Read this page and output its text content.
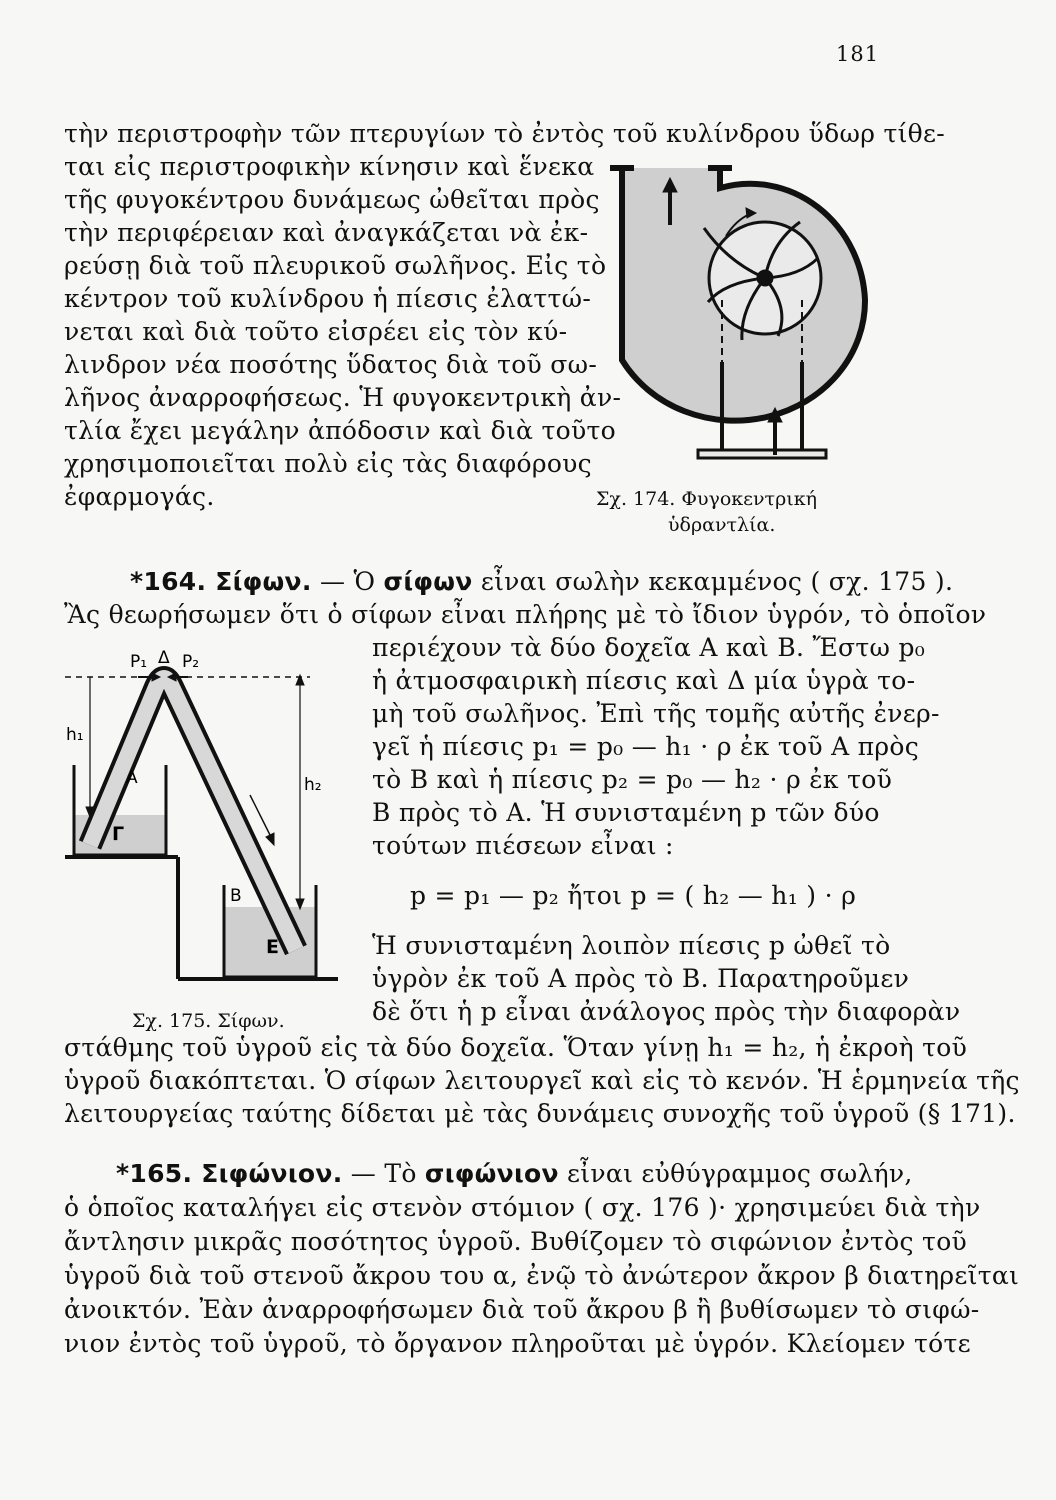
181
τὴν περιστροφὴν τῶν πτερυγίων τὸ ἐντὸς τοῦ κυλίνδρου ὕδωρ τίθε-
ται εἰς περιστροφικὴν κίνησιν καὶ ἕνεκα
τῆς φυγοκέντρου δυνάμεως ὠθεῖται πρὸς
τὴν περιφέρειαν καὶ ἀναγκάζεται νὰ ἐκ-
ρεύσῃ διὰ τοῦ πλευρικοῦ σωλῆνος. Εἰς τὸ
κέντρον τοῦ κυλίνδρου ἡ πίεσις ἐλαττώ-
νεται καὶ διὰ τοῦτο εἰσρέει εἰς τὸν κύ-
λινδρον νέα ποσότης ὕδατος διὰ τοῦ σω-
λῆνος ἀναρροφήσεως. Ἡ φυγοκεντρικὴ ἀν-
τλία ἔχει μεγάλην ἀπόδοσιν καὶ διὰ τοῦτο
χρησιμοποιεῖται πολὺ εἰς τὰς διαφόρους
ἐφαρμογάς.	Σχ. 174. Φυγοκεντρική
ὑδραντλία.
*164. Σίφων. — Ὁ σίφων εἶναι σωλὴν κεκαμμένος ( σχ. 175 ).
Ἂς θεωρήσωμεν ὅτι ὁ σίφων εἶναι πλήρης μὲ τὸ ἴδιον ὑγρόν, τὸ ὁποῖον
P₁ Δ P₂
h₁
h₂
Α
Γ
Β
Ε
περιέχουν τὰ δύο δοχεῖα Α καὶ Β. Ἔστω p₀
ἡ ἀτμοσφαιρικὴ πίεσις καὶ Δ μία ὑγρὰ το-
μὴ τοῦ σωλῆνος. Ἐπὶ τῆς τομῆς αὐτῆς ἐνερ-
γεῖ ἡ πίεσις p₁ = p₀ — h₁ · ρ ἐκ τοῦ Α πρὸς
τὸ Β καὶ ἡ πίεσις p₂ = p₀ — h₂ · ρ ἐκ τοῦ
Β πρὸς τὸ Α. Ἡ συνισταμένη p τῶν δύο
τούτων πιέσεων εἶναι :
p = p₁ — p₂ ἤτοι p = ( h₂ — h₁ ) · ρ
Ἡ συνισταμένη λοιπὸν πίεσις p ὠθεῖ τὸ
ὑγρὸν ἐκ τοῦ Α πρὸς τὸ Β. Παρατηροῦμεν
δὲ ὅτι ἡ p εἶναι ἀνάλογος πρὸς τὴν διαφορὰν
Σχ. 175. Σίφων.
στάθμης τοῦ ὑγροῦ εἰς τὰ δύο δοχεῖα. Ὅταν γίνῃ h₁ = h₂, ἡ ἐκροὴ τοῦ
ὑγροῦ διακόπτεται. Ὁ σίφων λειτουργεῖ καὶ εἰς τὸ κενόν. Ἡ ἑρμηνεία τῆς
λειτουργείας ταύτης δίδεται μὲ τὰς δυνάμεις συνοχῆς τοῦ ὑγροῦ (§ 171).
*165. Σιφώνιον. — Τὸ σιφώνιον εἶναι εὐθύγραμμος σωλήν,
ὁ ὁποῖος καταλήγει εἰς στενὸν στόμιον ( σχ. 176 )· χρησιμεύει διὰ τὴν
ἄντλησιν μικρᾶς ποσότητος ὑγροῦ. Βυθίζομεν τὸ σιφώνιον ἐντὸς τοῦ
ὑγροῦ διὰ τοῦ στενοῦ ἄκρου του α, ἐνῷ τὸ ἀνώτερον ἄκρον β διατηρεῖται
ἀνοικτόν. Ἐὰν ἀναρροφήσωμεν διὰ τοῦ ἄκρου β ἢ βυθίσωμεν τὸ σιφώ-
νιον ἐντὸς τοῦ ὑγροῦ, τὸ ὄργανον πληροῦται μὲ ὑγρόν. Κλείομεν τότε
